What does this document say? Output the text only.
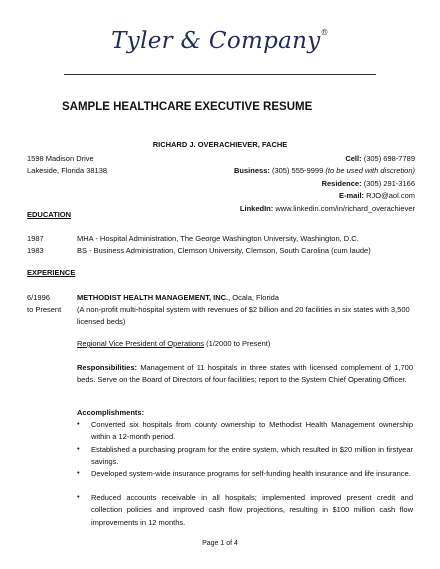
Tyler & Company®
SAMPLE HEALTHCARE EXECUTIVE RESUME
RICHARD J. OVERACHIEVER, FACHE
1598 Madison Drive
Lakeside, Florida 38138
Cell: (305) 698-7789
Business: (305) 555-9999 (to be used with discretion)
Residence: (305) 291-3166
E-mail: RJO@aol.com
LinkedIn: www.linkedin.com/in/richard_overachiever
EDUCATION
1987	MHA - Hospital Administration, The George Washington University, Washington, D.C.
1983	BS - Business Administration, Clemson University, Clemson, South Carolina (cum laude)
EXPERIENCE
6/1996
to Present
METHODIST HEALTH MANAGEMENT, INC., Ocala, Florida
(A non-profit multi-hospital system with revenues of $2 billion and 20 facilities in six states with 3,500 licensed beds)
Regional Vice President of Operations (1/2000 to Present)
Responsibilities: Management of 11 hospitals in three states with licensed complement of 1,700 beds. Serve on the Board of Directors of four facilities; report to the System Chief Operating Officer.
Accomplishments:
• Converted six hospitals from county ownership to Methodist Health Management ownership within a 12-month period.
• Established a purchasing program for the entire system, which resulted in $20 million in firstyear savings.
• Developed system-wide insurance programs for self-funding health insurance and life insurance.
• Reduced accounts receivable in all hospitals; implemented improved present credit and collection policies and improved cash flow projections, resulting in $100 million cash flow improvements in 12 months.
Page 1 of 4
